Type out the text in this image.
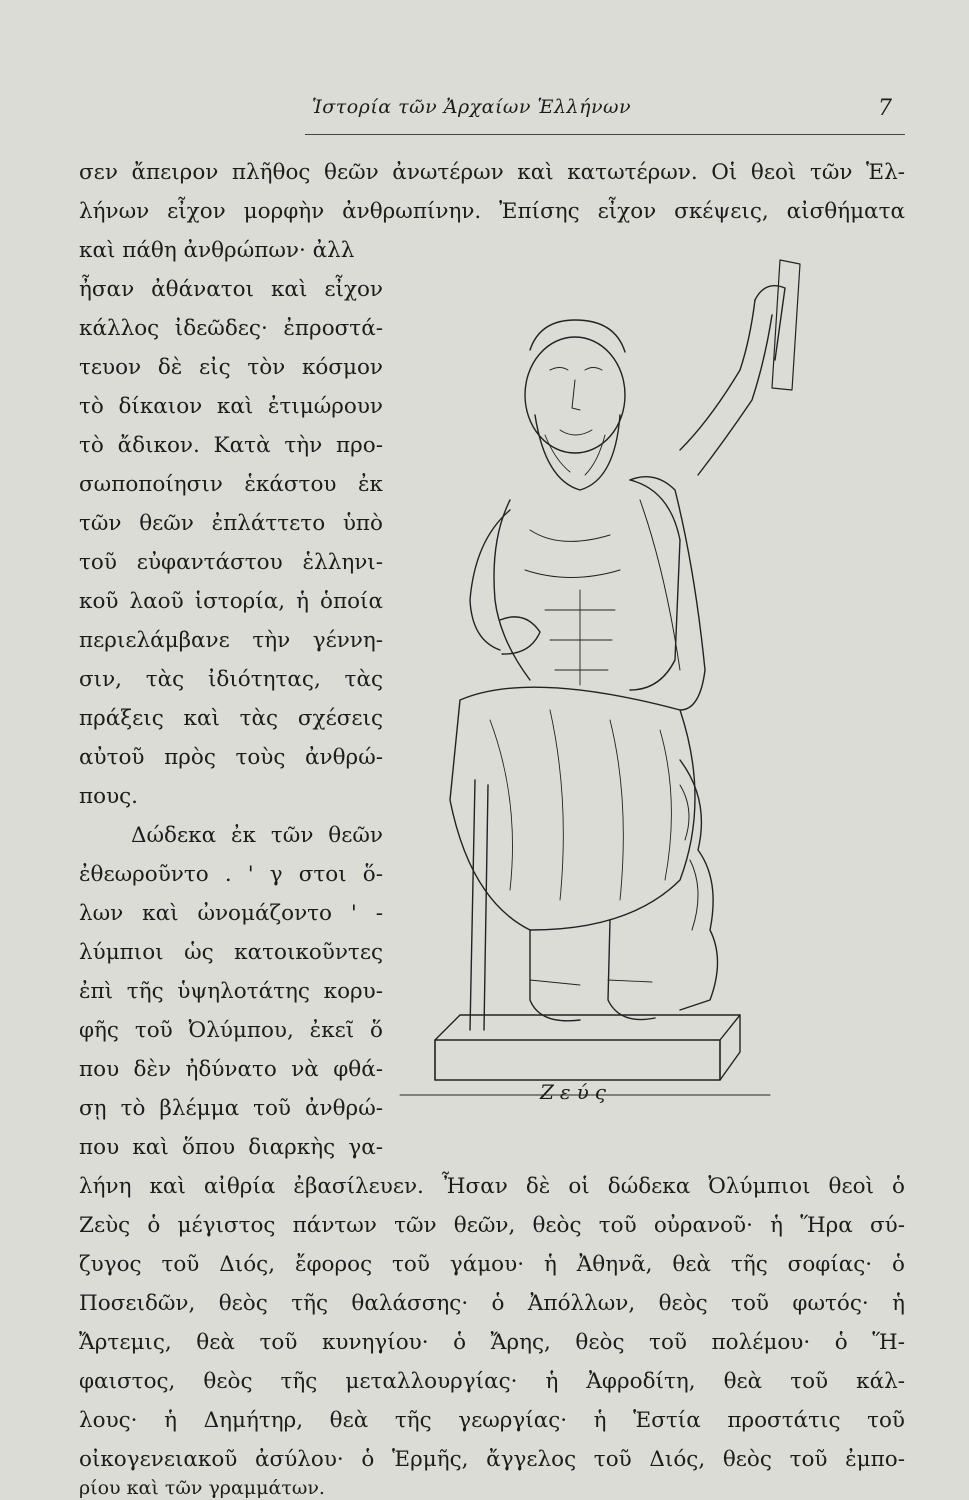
Ἱστορία τῶν Ἀρχαίων Ἑλλήνων	7
σεν ἄπειρον πλῆθος θεῶν ἀνωτέρων καὶ κατωτέρων. Οἱ θεοὶ τῶν Ἑλ-
λήνων εἶχον μορφὴν ἀνθρωπίνην. Ἐπίσης εἶχον σκέψεις, αἰσθήματα
καὶ πάθη ἀνθρώπων· ἀλλ
ἦσαν ἀθάνατοι καὶ εἶχον
κάλλος ἰδεῶδες· ἐπροστά-
τευον δὲ εἰς τὸν κόσμον
τὸ δίκαιον καὶ ἐτιμώρουν
τὸ ἄδικον. Κατὰ τὴν προ-
σωποποίησιν ἑκάστου ἐκ
τῶν θεῶν ἐπλάττετο ὑπὸ
τοῦ εὐφαντάστου ἑλληνι-
κοῦ λαοῦ ἱστορία, ἡ ὁποία
περιελάμβανε τὴν γέννη-
σιν, τὰς ἰδιότητας, τὰς
πράξεις καὶ τὰς σχέσεις
αὐτοῦ πρὸς τοὺς ἀνθρώ-
πους.
Δώδεκα ἐκ τῶν θεῶν
ἐθεωροῦντο . ' γ στοι ὅ-
λων καὶ ὠνομάζοντο ' -
λύμπιοι ὡς κατοικοῦντες
ἐπὶ τῆς ὑψηλοτάτης κορυ-
φῆς τοῦ Ὀλύμπου, ἐκεῖ ὅ
που δὲν ἠδύνατο νὰ φθά-
σῃ τὸ βλέμμα τοῦ ἀνθρώ-
που καὶ ὅπου διαρκὴς γα-
λήνη καὶ αἰθρία ἐβασίλευεν. Ἦσαν δὲ οἱ δώδεκα Ὀλύμπιοι θεοὶ ὁ
Ζεὺς ὁ μέγιστος πάντων τῶν θεῶν, θεὸς τοῦ οὐρανοῦ· ἡ Ἥρα σύ-
ζυγος τοῦ Διός, ἔφορος τοῦ γάμου· ἡ Ἀθηνᾶ, θεὰ τῆς σοφίας· ὁ
Ποσειδῶν, θεὸς τῆς θαλάσσης· ὁ Ἀπόλλων, θεὸς τοῦ φωτός· ἡ
Ἄρτεμις, θεὰ τοῦ κυνηγίου· ὁ Ἄρης, θεὸς τοῦ πολέμου· ὁ Ἥ-
φαιστος, θεὸς τῆς μεταλλουργίας· ἡ Ἀφροδίτη, θεὰ τοῦ κάλ-
λους· ἡ Δημήτηρ, θεὰ τῆς γεωργίας· ἡ Ἑστία προστάτις τοῦ
οἰκογενειακοῦ ἀσύλου· ὁ Ἑρμῆς, ἄγγελος τοῦ Διός, θεὸς τοῦ ἐμπο-
ρίου καὶ τῶν γραμμάτων.
Ζεύς
